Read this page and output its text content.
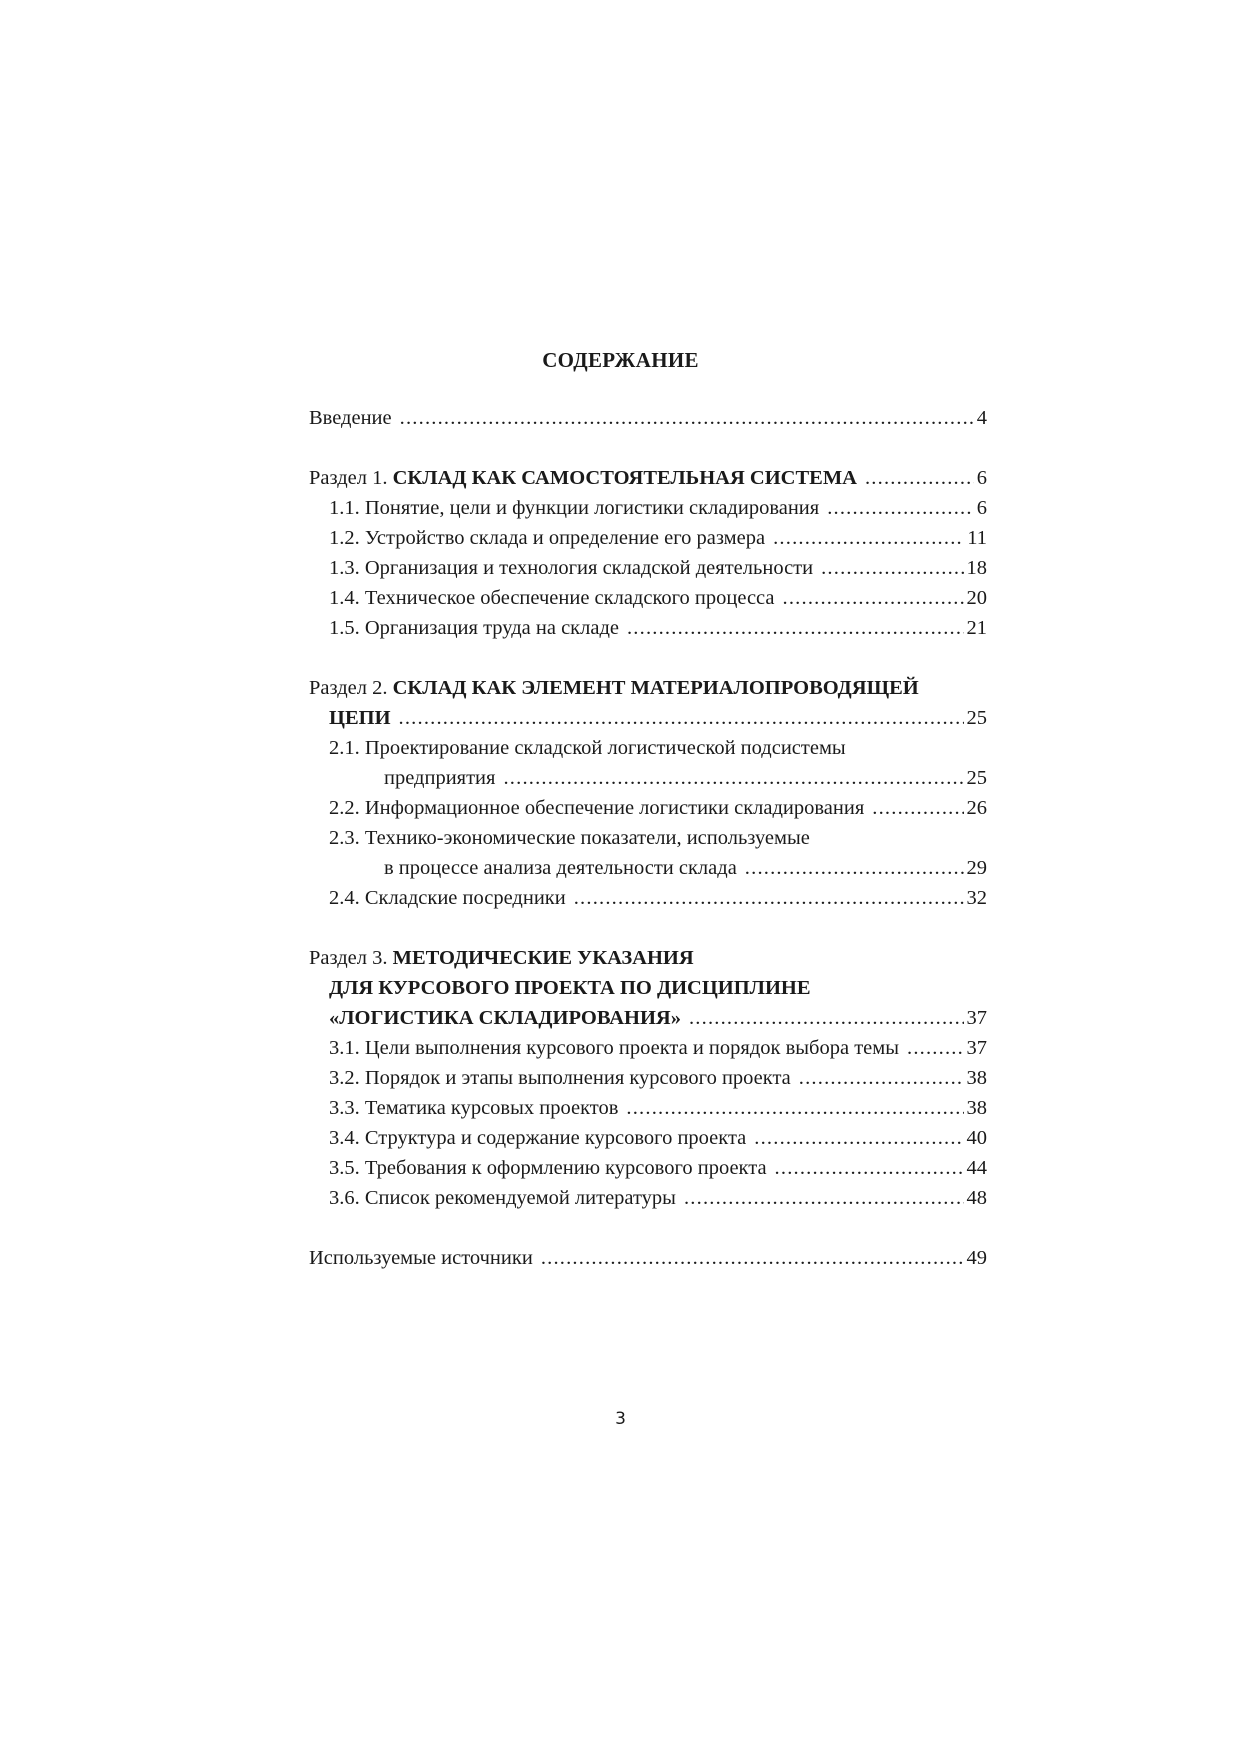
СОДЕРЖАНИЕ
Введение .....	4
Раздел 1. СКЛАД КАК САМОСТОЯТЕЛЬНАЯ СИСТЕМА .....	6
1.1. Понятие, цели и функции логистики складирования .....	6
1.2. Устройство склада и определение его размера .....	11
1.3. Организация и технология складской деятельности .....	18
1.4. Техническое обеспечение складского процесса .....	20
1.5. Организация труда на складе .....	21
Раздел 2. СКЛАД КАК ЭЛЕМЕНТ МАТЕРИАЛОПРОВОДЯЩЕЙ
ЦЕПИ .....	25
2.1. Проектирование складской логистической подсистемы
предприятия .....	25
2.2. Информационное обеспечение логистики складирования .....	26
2.3. Технико-экономические показатели, используемые
в процессе анализа деятельности склада .....	29
2.4. Складские посредники .....	32
Раздел 3. МЕТОДИЧЕСКИЕ УКАЗАНИЯ
ДЛЯ КУРСОВОГО ПРОЕКТА ПО ДИСЦИПЛИНЕ
«ЛОГИСТИКА СКЛАДИРОВАНИЯ» .....	37
3.1. Цели выполнения курсового проекта и порядок выбора темы .....	37
3.2. Порядок и этапы выполнения курсового проекта .....	38
3.3. Тематика курсовых проектов .....	38
3.4. Структура и содержание курсового проекта .....	40
3.5. Требования к оформлению курсового проекта .....	44
3.6. Список рекомендуемой литературы .....	48
Используемые источники .....	49
3
